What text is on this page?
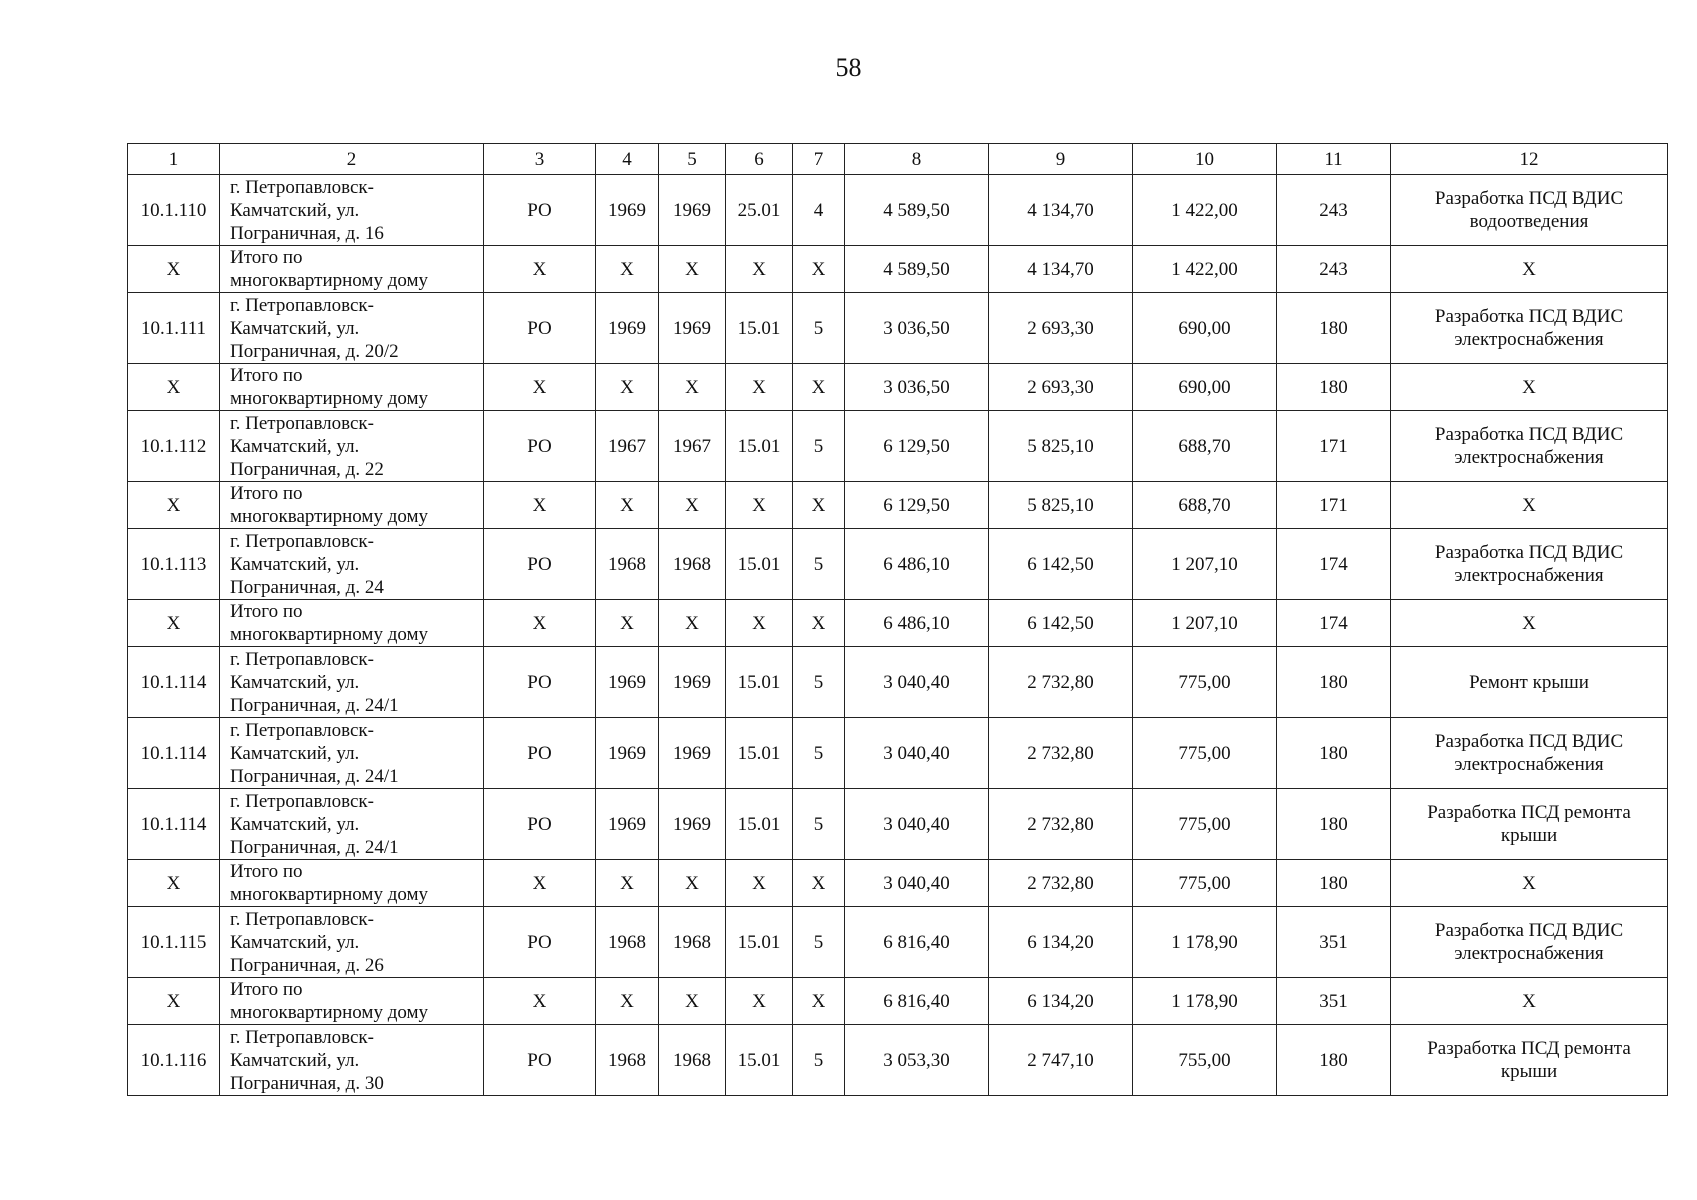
58
1	2	3	4	5	6	7	8	9	10	11	12
10.1.110	г. Петропавловск-
Камчатский, ул.
Пограничная, д. 16	РО	1969	1969	25.01	4	4 589,50	4 134,70	1 422,00	243	Разработка ПСД ВДИС
водоотведения
Х	Итого по
многоквартирному дому	Х	Х	Х	Х	Х	4 589,50	4 134,70	1 422,00	243	Х
10.1.111	г. Петропавловск-
Камчатский, ул.
Пограничная, д. 20/2	РО	1969	1969	15.01	5	3 036,50	2 693,30	690,00	180	Разработка ПСД ВДИС
электроснабжения
Х	Итого по
многоквартирному дому	Х	Х	Х	Х	Х	3 036,50	2 693,30	690,00	180	Х
10.1.112	г. Петропавловск-
Камчатский, ул.
Пограничная, д. 22	РО	1967	1967	15.01	5	6 129,50	5 825,10	688,70	171	Разработка ПСД ВДИС
электроснабжения
Х	Итого по
многоквартирному дому	Х	Х	Х	Х	Х	6 129,50	5 825,10	688,70	171	Х
10.1.113	г. Петропавловск-
Камчатский, ул.
Пограничная, д. 24	РО	1968	1968	15.01	5	6 486,10	6 142,50	1 207,10	174	Разработка ПСД ВДИС
электроснабжения
Х	Итого по
многоквартирному дому	Х	Х	Х	Х	Х	6 486,10	6 142,50	1 207,10	174	Х
10.1.114	г. Петропавловск-
Камчатский, ул.
Пограничная, д. 24/1	РО	1969	1969	15.01	5	3 040,40	2 732,80	775,00	180	Ремонт крыши
10.1.114	г. Петропавловск-
Камчатский, ул.
Пограничная, д. 24/1	РО	1969	1969	15.01	5	3 040,40	2 732,80	775,00	180	Разработка ПСД ВДИС
электроснабжения
10.1.114	г. Петропавловск-
Камчатский, ул.
Пограничная, д. 24/1	РО	1969	1969	15.01	5	3 040,40	2 732,80	775,00	180	Разработка ПСД ремонта
крыши
Х	Итого по
многоквартирному дому	Х	Х	Х	Х	Х	3 040,40	2 732,80	775,00	180	Х
10.1.115	г. Петропавловск-
Камчатский, ул.
Пограничная, д. 26	РО	1968	1968	15.01	5	6 816,40	6 134,20	1 178,90	351	Разработка ПСД ВДИС
электроснабжения
Х	Итого по
многоквартирному дому	Х	Х	Х	Х	Х	6 816,40	6 134,20	1 178,90	351	Х
10.1.116	г. Петропавловск-
Камчатский, ул.
Пограничная, д. 30	РО	1968	1968	15.01	5	3 053,30	2 747,10	755,00	180	Разработка ПСД ремонта
крыши
